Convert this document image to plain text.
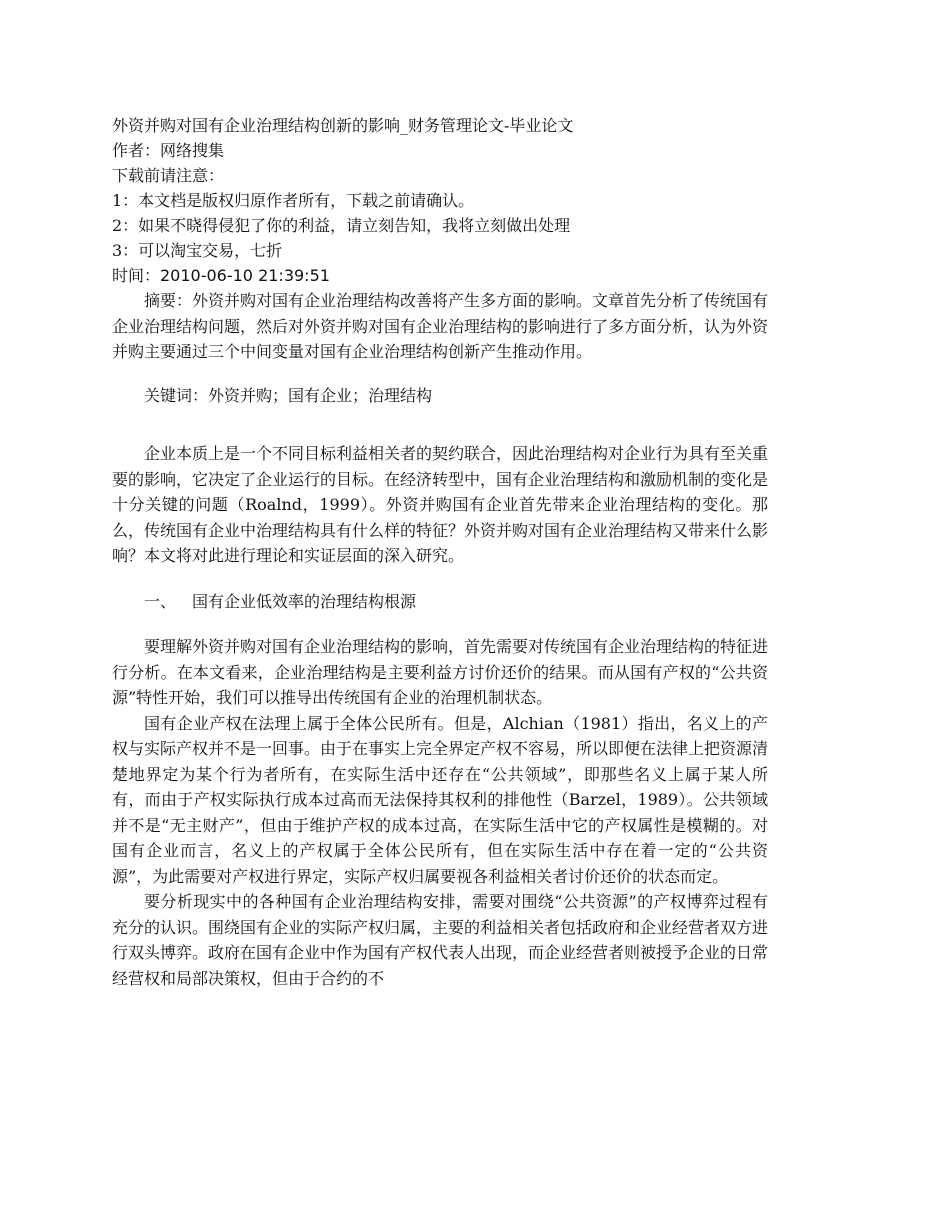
外资并购对国有企业治理结构创新的影响_财务管理论文-毕业论文
作者：网络搜集
下载前请注意：
1：本文档是版权归原作者所有，下载之前请确认。
2：如果不晓得侵犯了你的利益，请立刻告知，我将立刻做出处理
3：可以淘宝交易，七折
时间：2010-06-10 21:39:51

摘要：外资并购对国有企业治理结构改善将产生多方面的影响。文章首先分析了传统国有企业治理结构问题，然后对外资并购对国有企业治理结构的影响进行了多方面分析，认为外资并购主要通过三个中间变量对国有企业治理结构创新产生推动作用。

关键词：外资并购；国有企业；治理结构

企业本质上是一个不同目标利益相关者的契约联合，因此治理结构对企业行为具有至关重要的影响，它决定了企业运行的目标。在经济转型中，国有企业治理结构和激励机制的变化是十分关键的问题（Roalnd，1999）。外资并购国有企业首先带来企业治理结构的变化。那么，传统国有企业中治理结构具有什么样的特征？外资并购对国有企业治理结构又带来什么影响？本文将对此进行理论和实证层面的深入研究。

一、 国有企业低效率的治理结构根源

要理解外资并购对国有企业治理结构的影响，首先需要对传统国有企业治理结构的特征进行分析。在本文看来，企业治理结构是主要利益方讨价还价的结果。而从国有产权的“公共资源”特性开始，我们可以推导出传统国有企业的治理机制状态。

国有企业产权在法理上属于全体公民所有。但是，Alchian（1981）指出，名义上的产权与实际产权并不是一回事。由于在事实上完全界定产权不容易，所以即便在法律上把资源清楚地界定为某个行为者所有，在实际生活中还存在“公共领域”，即那些名义上属于某人所有，而由于产权实际执行成本过高而无法保持其权利的排他性（Barzel，1989）。公共领域并不是“无主财产”，但由于维护产权的成本过高，在实际生活中它的产权属性是模糊的。对国有企业而言，名义上的产权属于全体公民所有，但在实际生活中存在着一定的“公共资源”，为此需要对产权进行界定，实际产权归属要视各利益相关者讨价还价的状态而定。

要分析现实中的各种国有企业治理结构安排，需要对围绕“公共资源”的产权博弈过程有充分的认识。围绕国有企业的实际产权归属，主要的利益相关者包括政府和企业经营者双方进行双头博弈。政府在国有企业中作为国有产权代表人出现，而企业经营者则被授予企业的日常经营权和局部决策权，但由于合约的不
